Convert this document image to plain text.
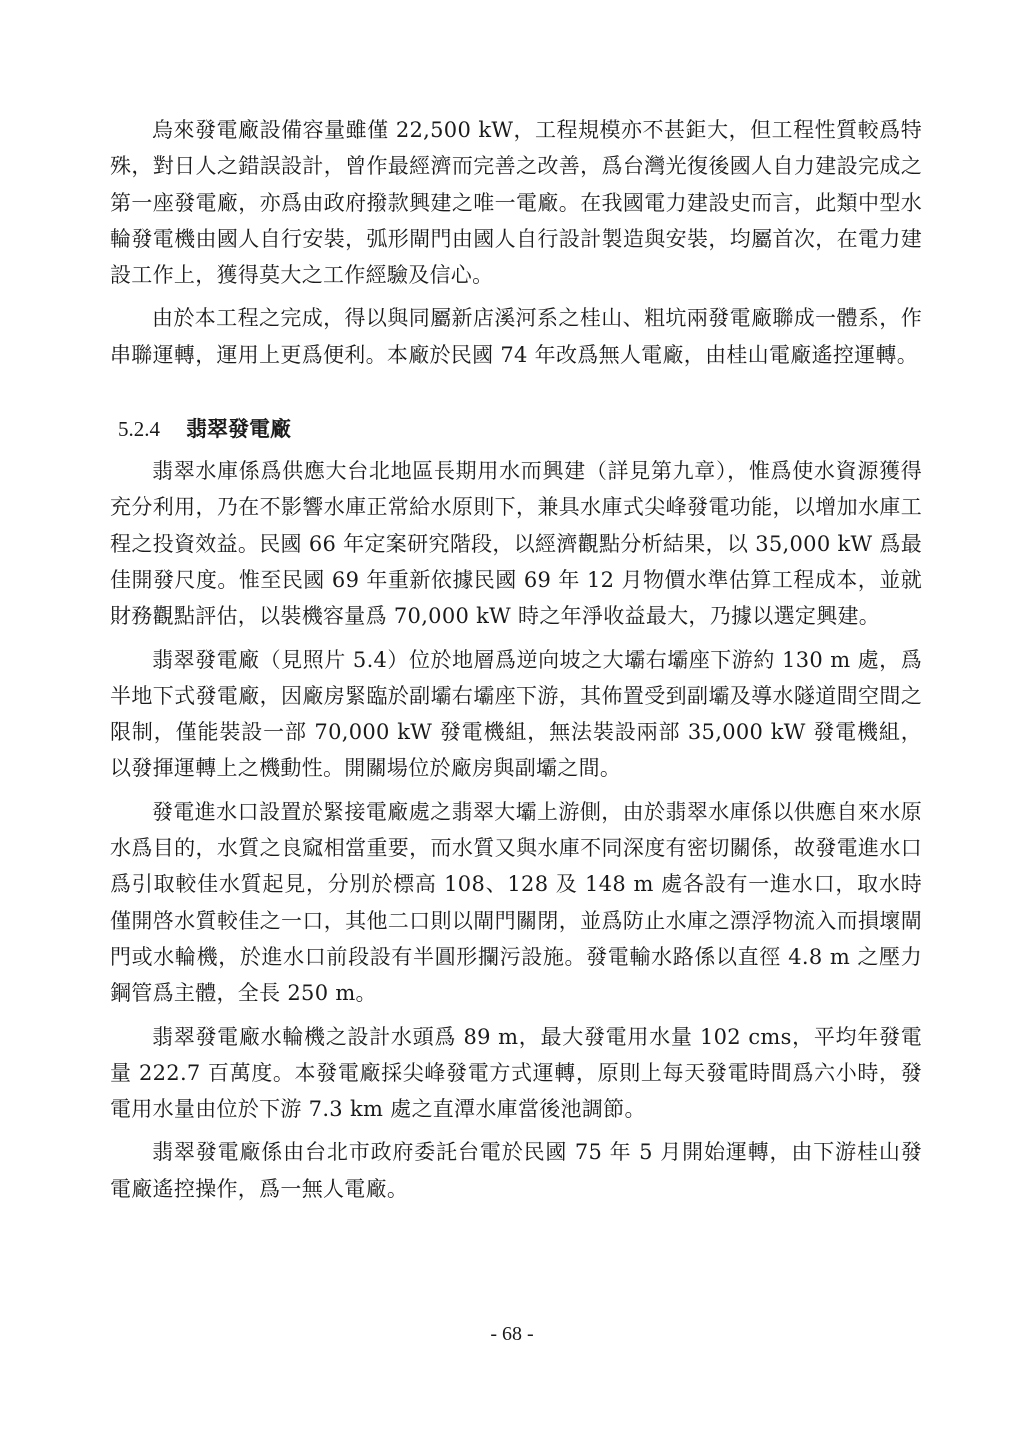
烏來發電廠設備容量雖僅 22,500 kW，工程規模亦不甚鉅大，但工程性質較爲特殊，對日人之錯誤設計，曾作最經濟而完善之改善，爲台灣光復後國人自力建設完成之第一座發電廠，亦爲由政府撥款興建之唯一電廠。在我國電力建設史而言，此類中型水輪發電機由國人自行安裝，弧形閘門由國人自行設計製造與安裝，均屬首次，在電力建設工作上，獲得莫大之工作經驗及信心。

由於本工程之完成，得以與同屬新店溪河系之桂山、粗坑兩發電廠聯成一體系，作串聯運轉，運用上更爲便利。本廠於民國 74 年改爲無人電廠，由桂山電廠遙控運轉。

5.2.4 翡翠發電廠

翡翠水庫係爲供應大台北地區長期用水而興建（詳見第九章），惟爲使水資源獲得充分利用，乃在不影響水庫正常給水原則下，兼具水庫式尖峰發電功能，以增加水庫工程之投資效益。民國 66 年定案研究階段，以經濟觀點分析結果，以 35,000 kW 爲最佳開發尺度。惟至民國 69 年重新依據民國 69 年 12 月物價水準估算工程成本，並就財務觀點評估，以裝機容量爲 70,000 kW 時之年淨收益最大，乃據以選定興建。

翡翠發電廠（見照片 5.4）位於地層爲逆向坡之大壩右壩座下游約 130 m 處，爲半地下式發電廠，因廠房緊臨於副壩右壩座下游，其佈置受到副壩及導水隧道間空間之限制，僅能裝設一部 70,000 kW 發電機組，無法裝設兩部 35,000 kW 發電機組，以發揮運轉上之機動性。開關場位於廠房與副壩之間。

發電進水口設置於緊接電廠處之翡翠大壩上游側，由於翡翠水庫係以供應自來水原水爲目的，水質之良窳相當重要，而水質又與水庫不同深度有密切關係，故發電進水口爲引取較佳水質起見，分別於標高 108、128 及 148 m 處各設有一進水口，取水時僅開啓水質較佳之一口，其他二口則以閘門關閉，並爲防止水庫之漂浮物流入而損壞閘門或水輪機，於進水口前段設有半圓形攔污設施。發電輸水路係以直徑 4.8 m 之壓力鋼管爲主體，全長 250 m。

翡翠發電廠水輪機之設計水頭爲 89 m，最大發電用水量 102 cms，平均年發電量 222.7 百萬度。本發電廠採尖峰發電方式運轉，原則上每天發電時間爲六小時，發電用水量由位於下游 7.3 km 處之直潭水庫當後池調節。

翡翠發電廠係由台北市政府委託台電於民國 75 年 5 月開始運轉，由下游桂山發電廠遙控操作，爲一無人電廠。

- 68 -
